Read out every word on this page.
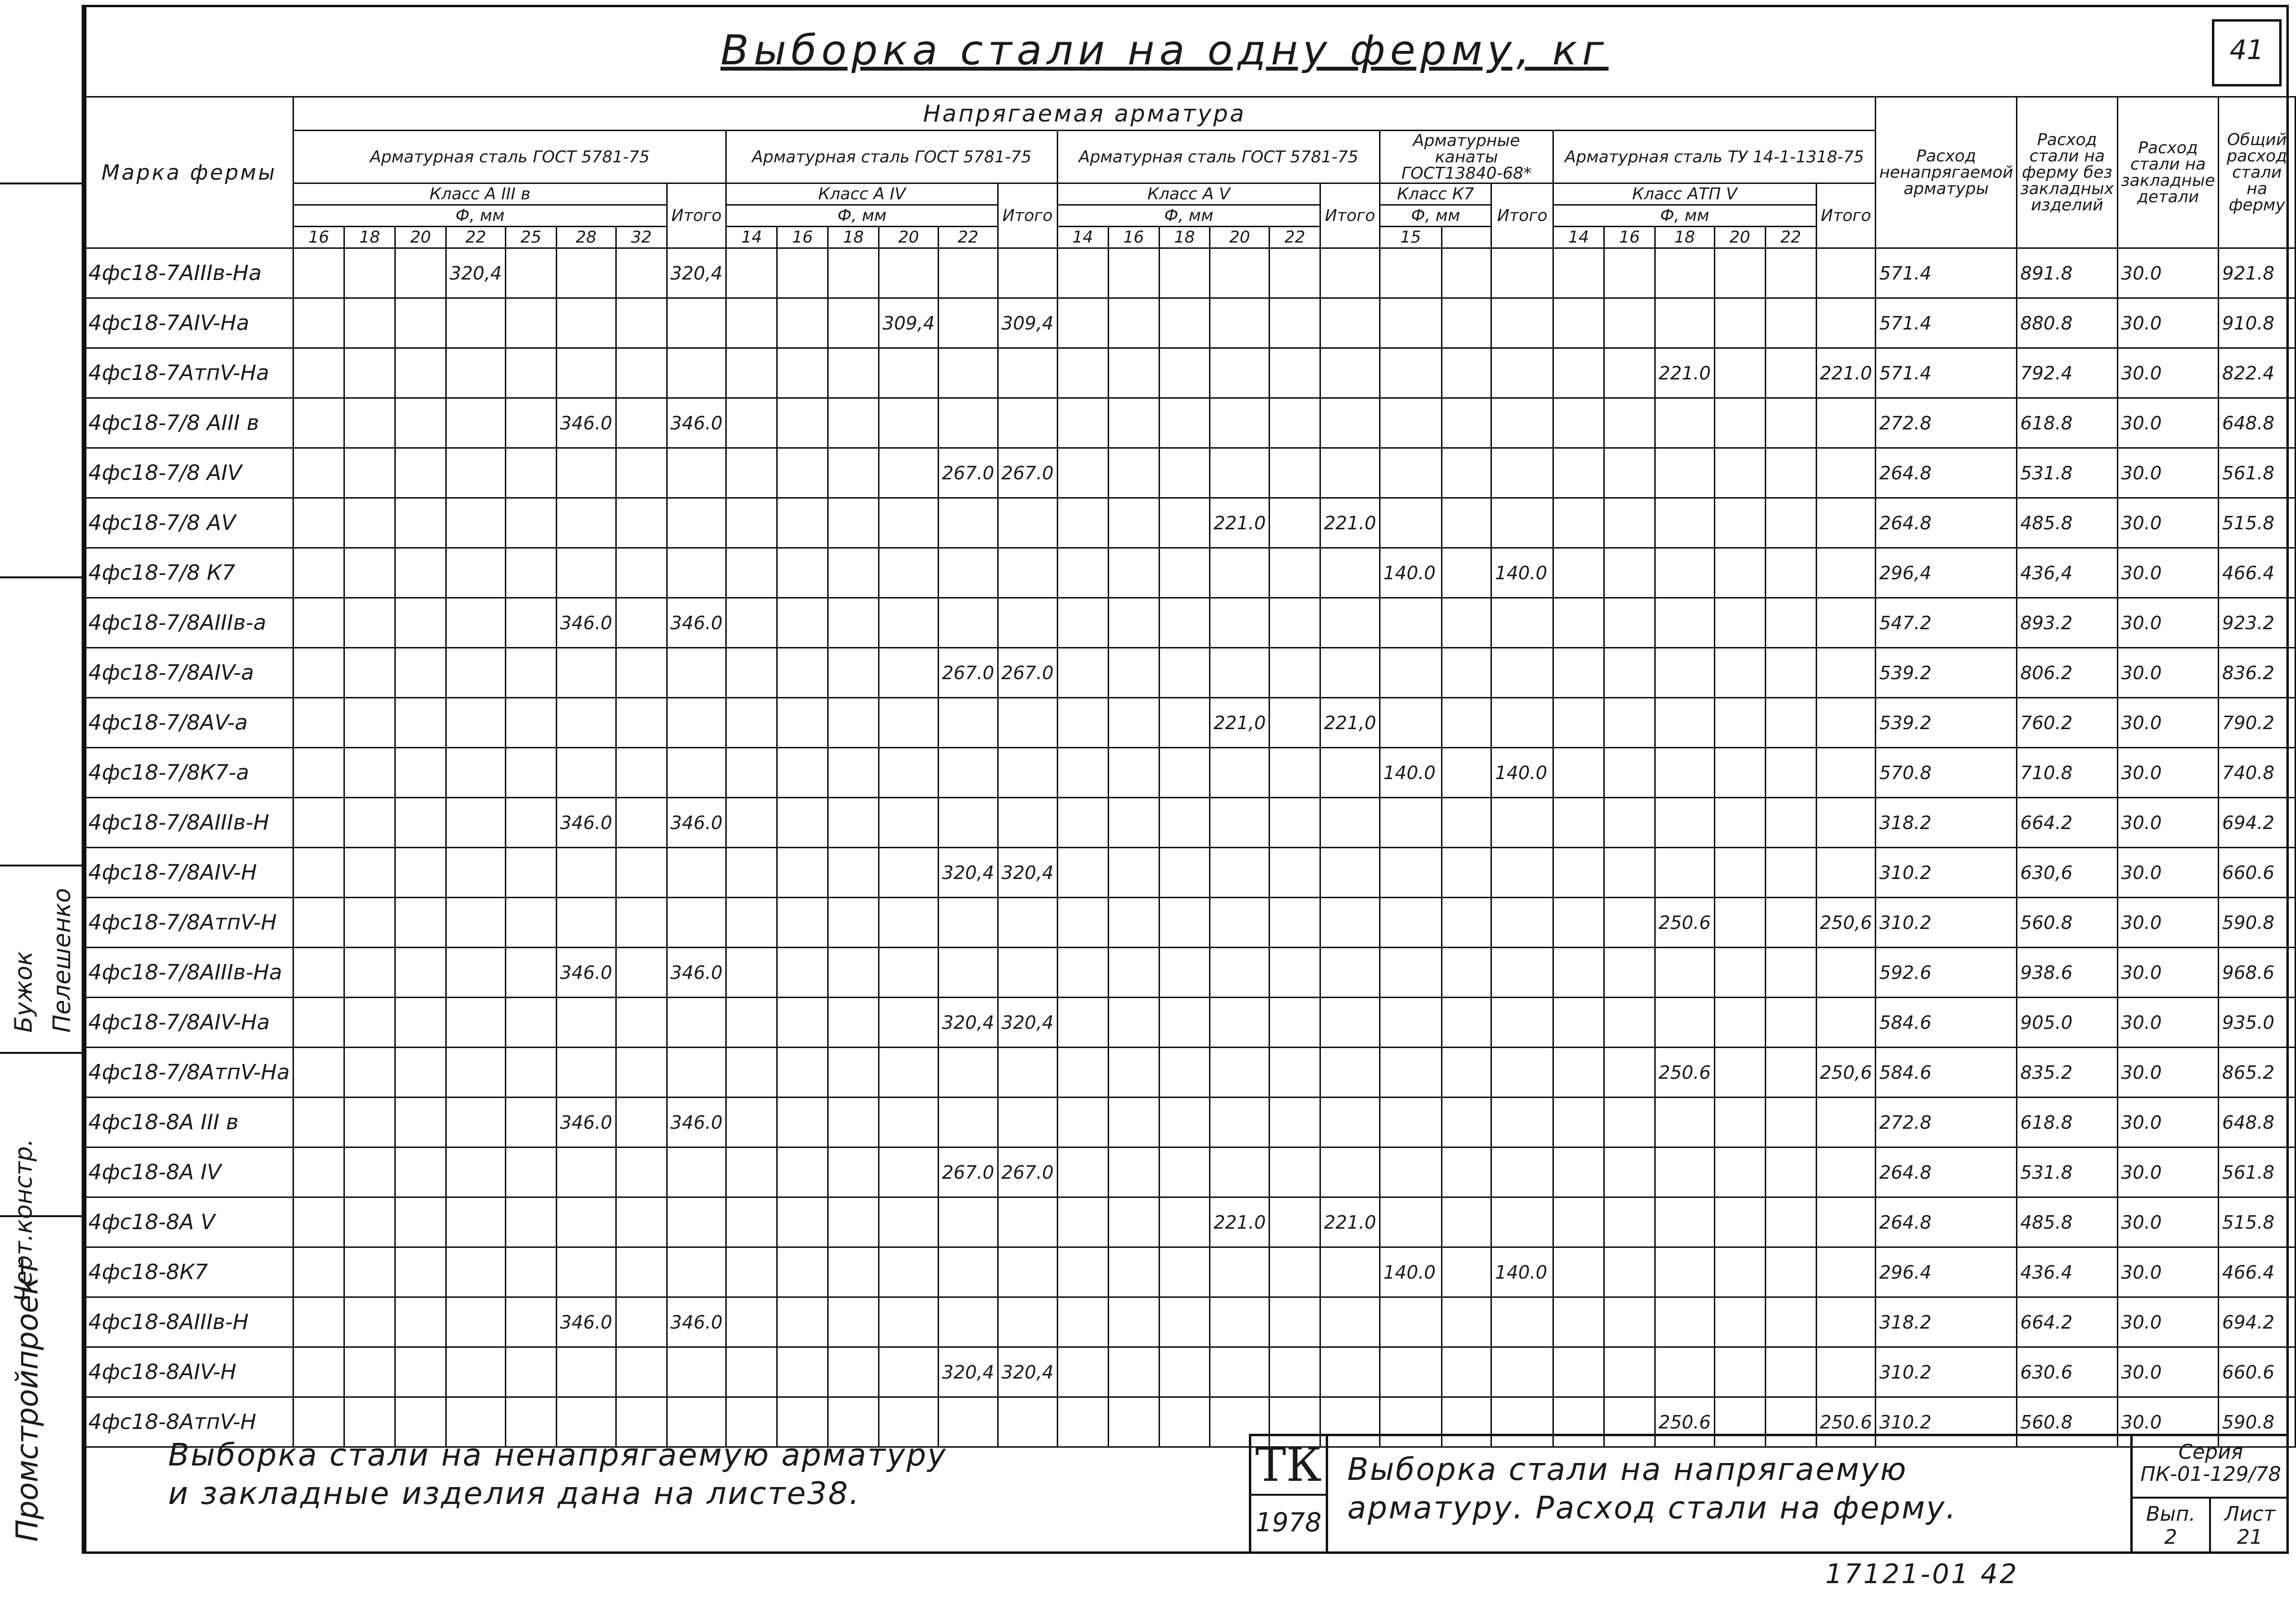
Черт.констр.
Бужок Пелешенко
Промстройпроект
Выборка стали на одну ферму, кг	41
Марка фермы	Напрягаемая арматура																													Расход ненапрягаемой арматуры	Расход стали на ферму без закладных изделий	Расход стали на закладные детали	Общий расход стали на ферму
	Арматурная сталь ГОСТ 5781-75								Арматурная сталь ГОСТ 5781-75						Арматурная сталь ГОСТ 5781-75						Арматурные канаты ГОСТ13840-68*			Арматурная сталь ТУ 14-1-1318-75									
	Класс А ІІІ в							Итого	Класс А ІV					Итого	Класс А V					Итого	Класс К7		Итого	Класс АТП V					Итого				
	Ф, мм								Ф, мм						Ф, мм						Ф, мм			Ф, мм									
	16	18	20	22	25	28	32		14	16	18	20	22		14	16	18	20	22		15			14	16	18	20	22					
4фс18-7АIIIв-На				320,4				320,4																						571.4	891.8	30.0	921.8
4фс18-7АIV-На												309,4		309,4																571.4	880.8	30.0	910.8
4фс18-7АтпV-На																										221.0			221.0	571.4	792.4	30.0	822.4
4фс18-7/8 АIII в						346.0		346.0																						272.8	618.8	30.0	648.8
4фс18-7/8 АIV													267.0	267.0																264.8	531.8	30.0	561.8
4фс18-7/8 АV																		221.0		221.0										264.8	485.8	30.0	515.8
4фс18-7/8 К7																					140.0		140.0							296,4	436,4	30.0	466.4
4фс18-7/8АIIIв-а						346.0		346.0																						547.2	893.2	30.0	923.2
4фс18-7/8АIV-а													267.0	267.0																539.2	806.2	30.0	836.2
4фс18-7/8АV-а																		221,0		221,0										539.2	760.2	30.0	790.2
4фс18-7/8К7-а																					140.0		140.0							570.8	710.8	30.0	740.8
4фс18-7/8АIIIв-Н						346.0		346.0																						318.2	664.2	30.0	694.2
4фс18-7/8АIV-Н													320,4	320,4																310.2	630,6	30.0	660.6
4фс18-7/8АтпV-Н																										250.6			250,6	310.2	560.8	30.0	590.8
4фс18-7/8АIIIв-На						346.0		346.0																						592.6	938.6	30.0	968.6
4фс18-7/8АIV-На													320,4	320,4																584.6	905.0	30.0	935.0
4фс18-7/8АтпV-На																										250.6			250,6	584.6	835.2	30.0	865.2
4фс18-8А III в						346.0		346.0																						272.8	618.8	30.0	648.8
4фс18-8А IV													267.0	267.0																264.8	531.8	30.0	561.8
4фс18-8А V																		221.0		221.0										264.8	485.8	30.0	515.8
4фс18-8К7																					140.0		140.0							296.4	436.4	30.0	466.4
4фс18-8АIIIв-Н						346.0		346.0																						318.2	664.2	30.0	694.2
4фс18-8АIV-Н													320,4	320,4																310.2	630.6	30.0	660.6
4фс18-8АтпV-Н																										250.6			250.6	310.2	560.8	30.0	590.8
Выборка стали на ненапрягаемую арматуру
и закладные изделия дана на листе38.
ТК
1978
Выборка стали на напрягаемую
арматуру. Расход стали на ферму.
Серия
ПК-01-129/78
Вып.
2
Лист
21
17121-01 42
